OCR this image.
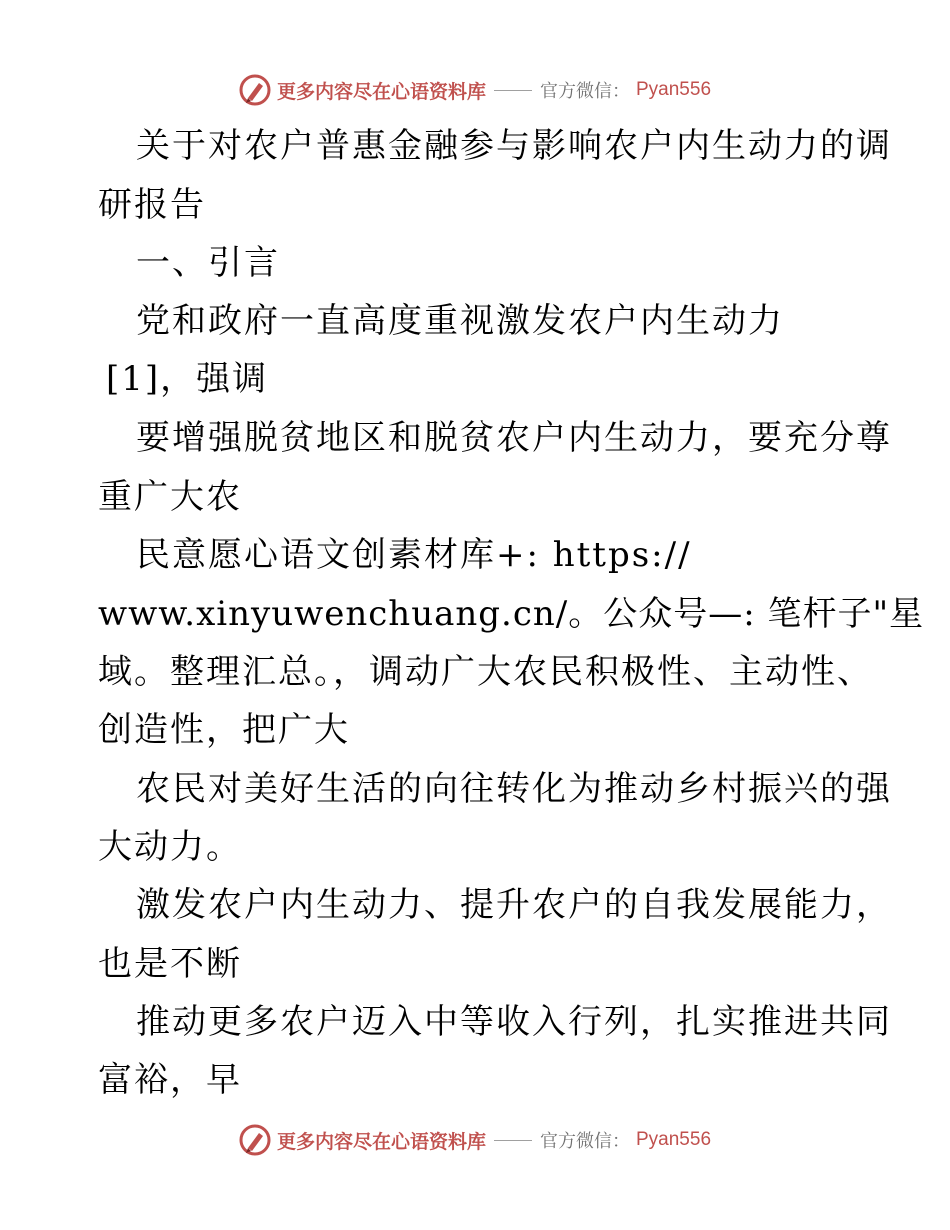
更多内容尽在心语资料库	官方微信： Pyan556
关于对农户普惠金融参与影响农户内生动力的调
研报告
一、引言
党和政府一直高度重视激发农户内生动力
[1]，强调
要增强脱贫地区和脱贫农户内生动力，要充分尊
重广大农
民意愿心语文创素材库+: https://
www.xinyuwenchuang.cn/。公众号—: 笔杆子"星
域。整理汇总。，调动广大农民积极性、主动性、
创造性，把广大
农民对美好生活的向往转化为推动乡村振兴的强
大动力。
激发农户内生动力、提升农户的自我发展能力，
也是不断
推动更多农户迈入中等收入行列，扎实推进共同
富裕，早
更多内容尽在心语资料库	官方微信： Pyan556
